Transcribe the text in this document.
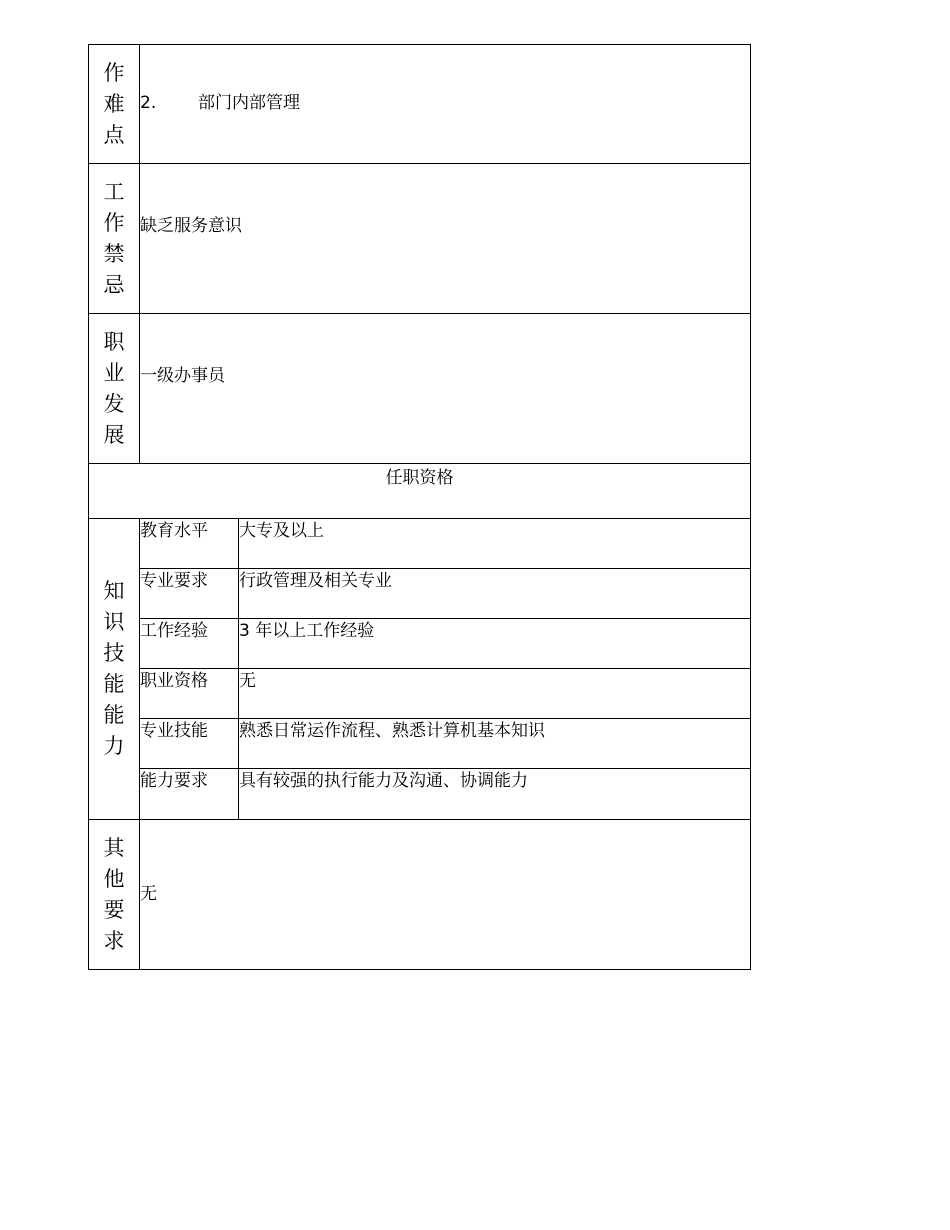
作难点	2. 部门内部管理	
工作禁忌	缺乏服务意识	
职业发展	一级办事员	
任职资格		
知识技能能力	教育水平	大专及以上
	专业要求	行政管理及相关专业
	工作经验	3 年以上工作经验
	职业资格	无
	专业技能	熟悉日常运作流程、熟悉计算机基本知识
	能力要求	具有较强的执行能力及沟通、协调能力
其他要求	无	
